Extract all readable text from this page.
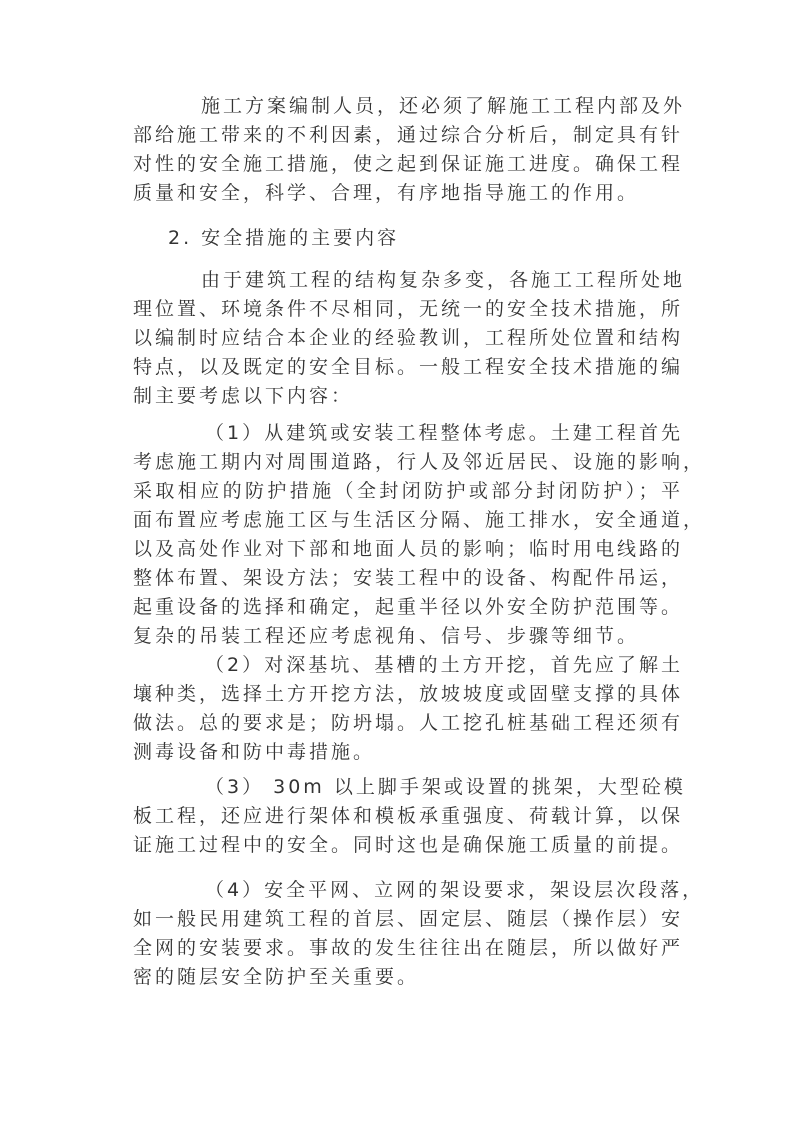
施工方案编制人员，还必须了解施工工程内部及外
部给施工带来的不利因素，通过综合分析后，制定具有针
对性的安全施工措施，使之起到保证施工进度。确保工程
质量和安全，科学、合理，有序地指导施工的作用。
2. 安全措施的主要内容
由于建筑工程的结构复杂多变，各施工工程所处地
理位置、环境条件不尽相同，无统一的安全技术措施，所
以编制时应结合本企业的经验教训，工程所处位置和结构
特点，以及既定的安全目标。一般工程安全技术措施的编
制主要考虑以下内容：
（1）从建筑或安装工程整体考虑。土建工程首先
考虑施工期内对周围道路，行人及邻近居民、设施的影响，
采取相应的防护措施（全封闭防护或部分封闭防护）；平
面布置应考虑施工区与生活区分隔、施工排水，安全通道，
以及高处作业对下部和地面人员的影响；临时用电线路的
整体布置、架设方法；安装工程中的设备、构配件吊运，
起重设备的选择和确定，起重半径以外安全防护范围等。
复杂的吊装工程还应考虑视角、信号、步骤等细节。
（2）对深基坑、基槽的土方开挖，首先应了解土
壤种类，选择土方开挖方法，放坡坡度或固壁支撑的具体
做法。总的要求是；防坍塌。人工挖孔桩基础工程还须有
测毒设备和防中毒措施。
（3） 30m 以上脚手架或设置的挑架，大型砼模
板工程，还应进行架体和模板承重强度、荷载计算，以保
证施工过程中的安全。同时这也是确保施工质量的前提。
（4）安全平网、立网的架设要求，架设层次段落，
如一般民用建筑工程的首层、固定层、随层（操作层）安
全网的安装要求。事故的发生往往出在随层，所以做好严
密的随层安全防护至关重要。
